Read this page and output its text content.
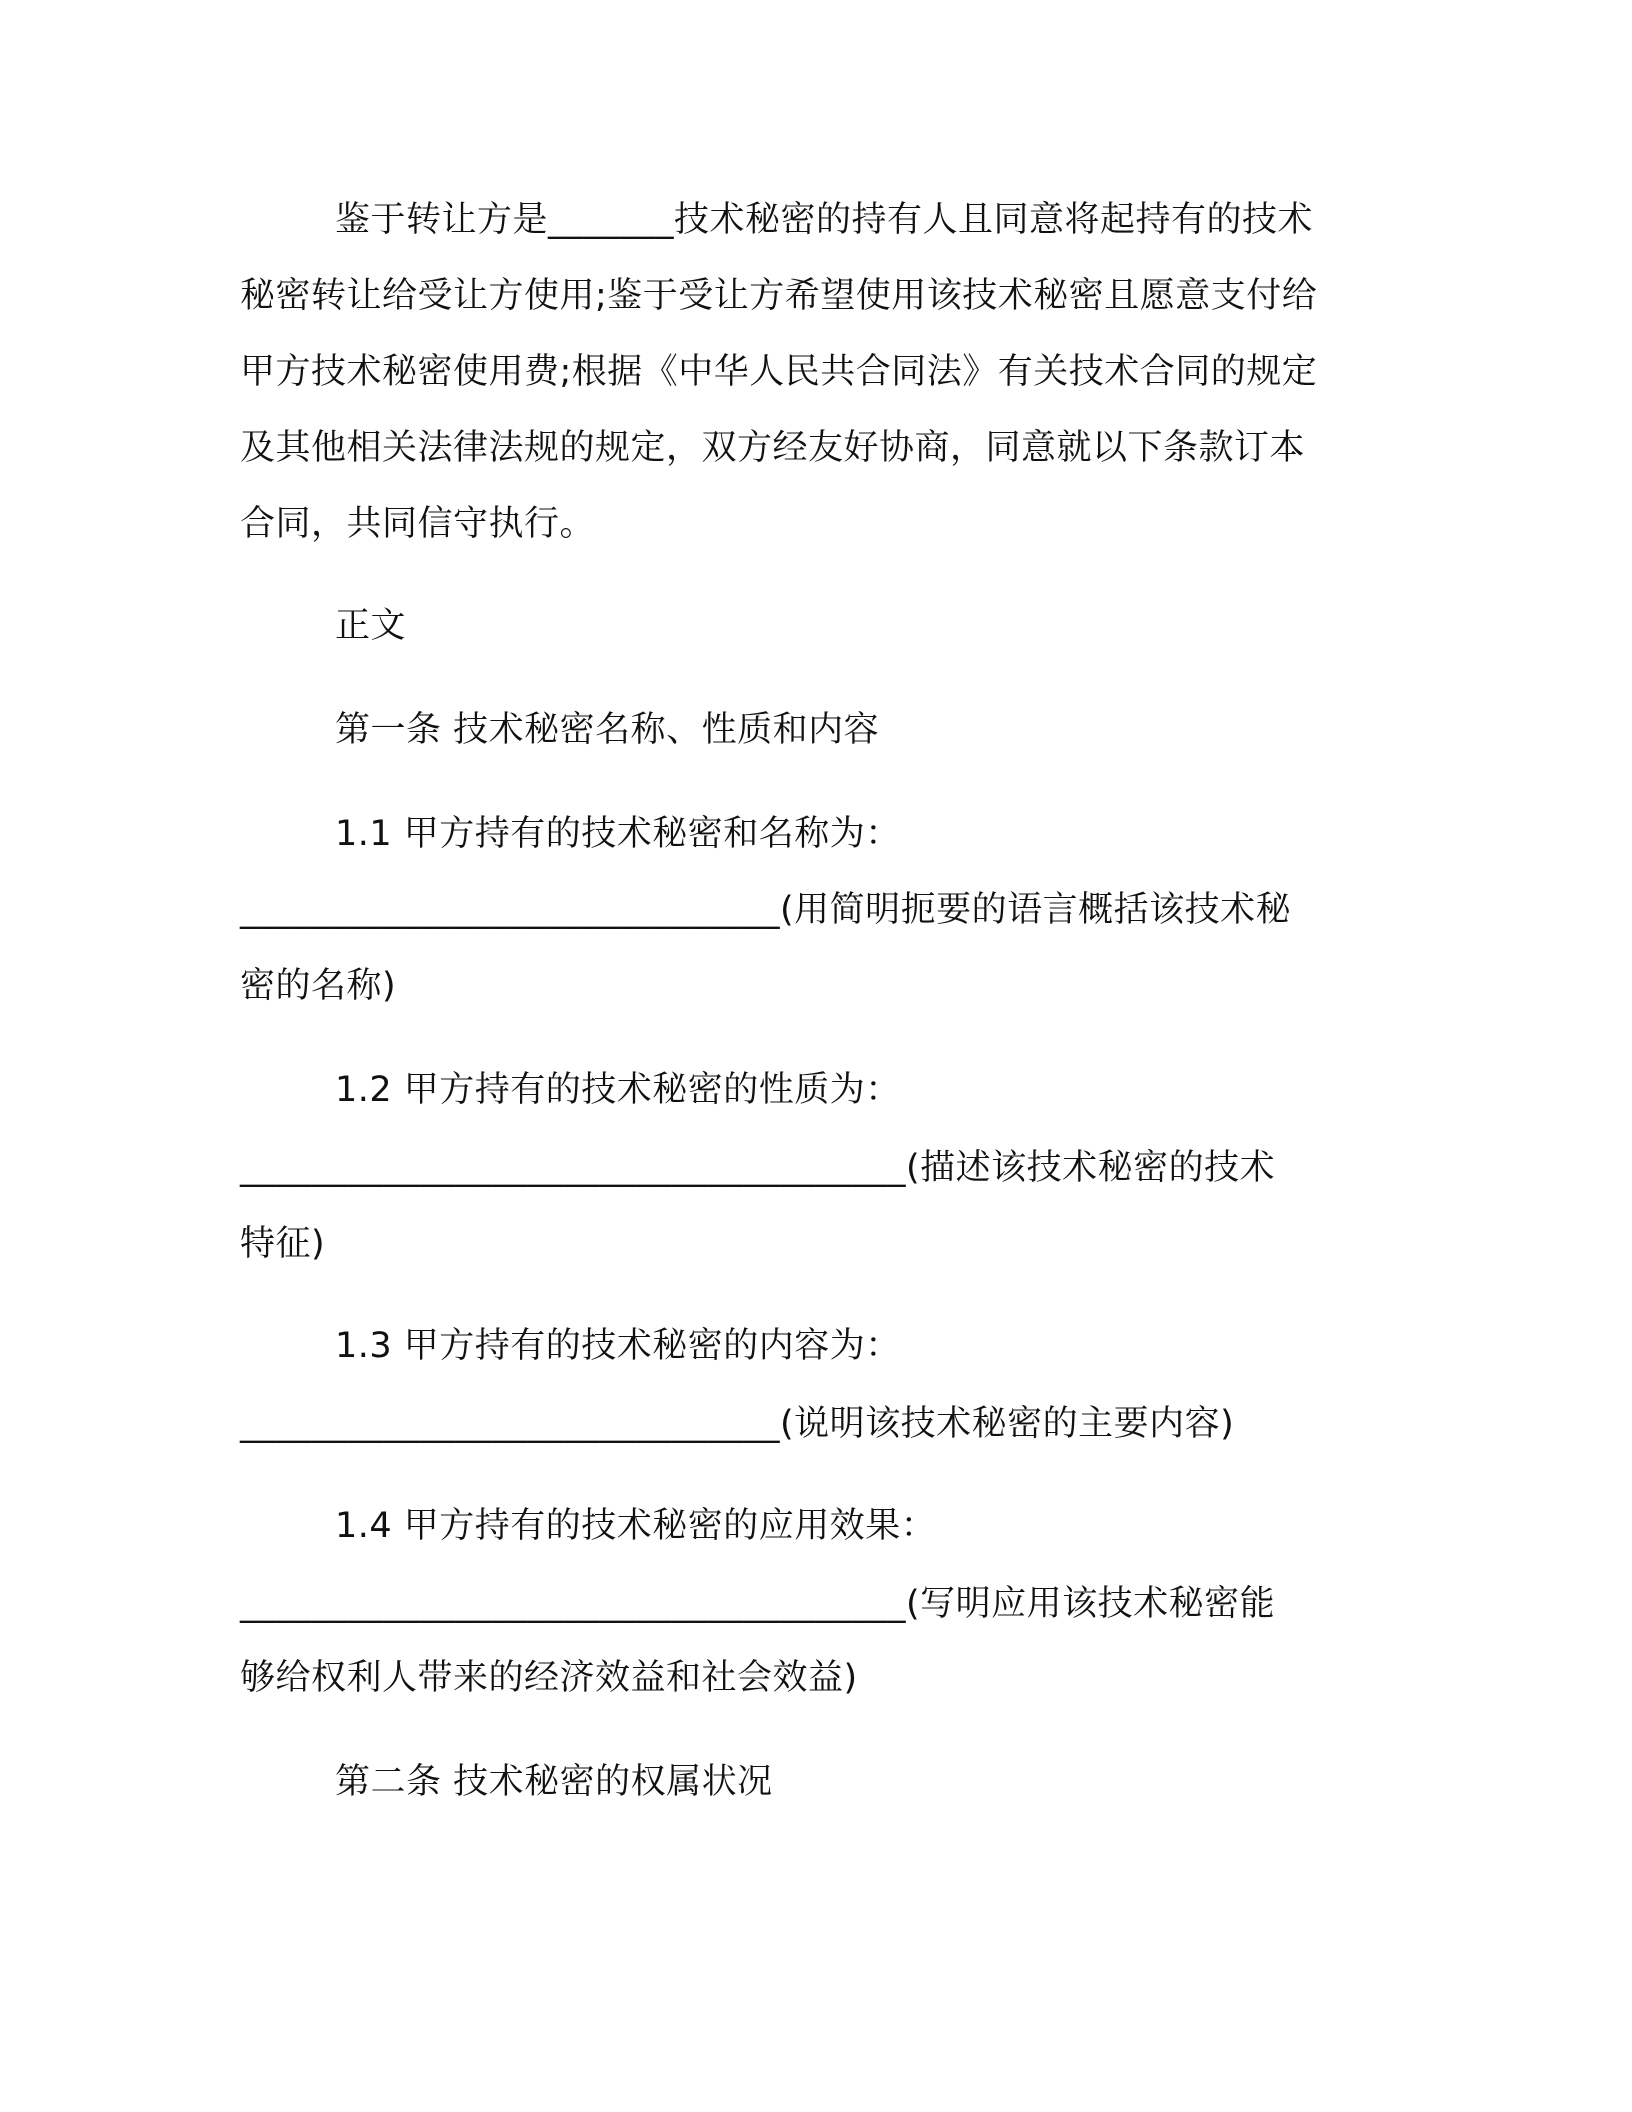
鉴于转让方是_______技术秘密的持有人且同意将起持有的技术
秘密转让给受让方使用;鉴于受让方希望使用该技术秘密且愿意支付给
甲方技术秘密使用费;根据《中华人民共合同法》有关技术合同的规定
及其他相关法律法规的规定，双方经友好协商，同意就以下条款订本
合同，共同信守执行。
正文
第一条 技术秘密名称、性质和内容
1.1 甲方持有的技术秘密和名称为：
______________________________(用简明扼要的语言概括该技术秘
密的名称)
1.2 甲方持有的技术秘密的性质为：
_____________________________________(描述该技术秘密的技术
特征)
1.3 甲方持有的技术秘密的内容为：
______________________________(说明该技术秘密的主要内容)
1.4 甲方持有的技术秘密的应用效果：
_____________________________________(写明应用该技术秘密能
够给权利人带来的经济效益和社会效益)
第二条 技术秘密的权属状况
